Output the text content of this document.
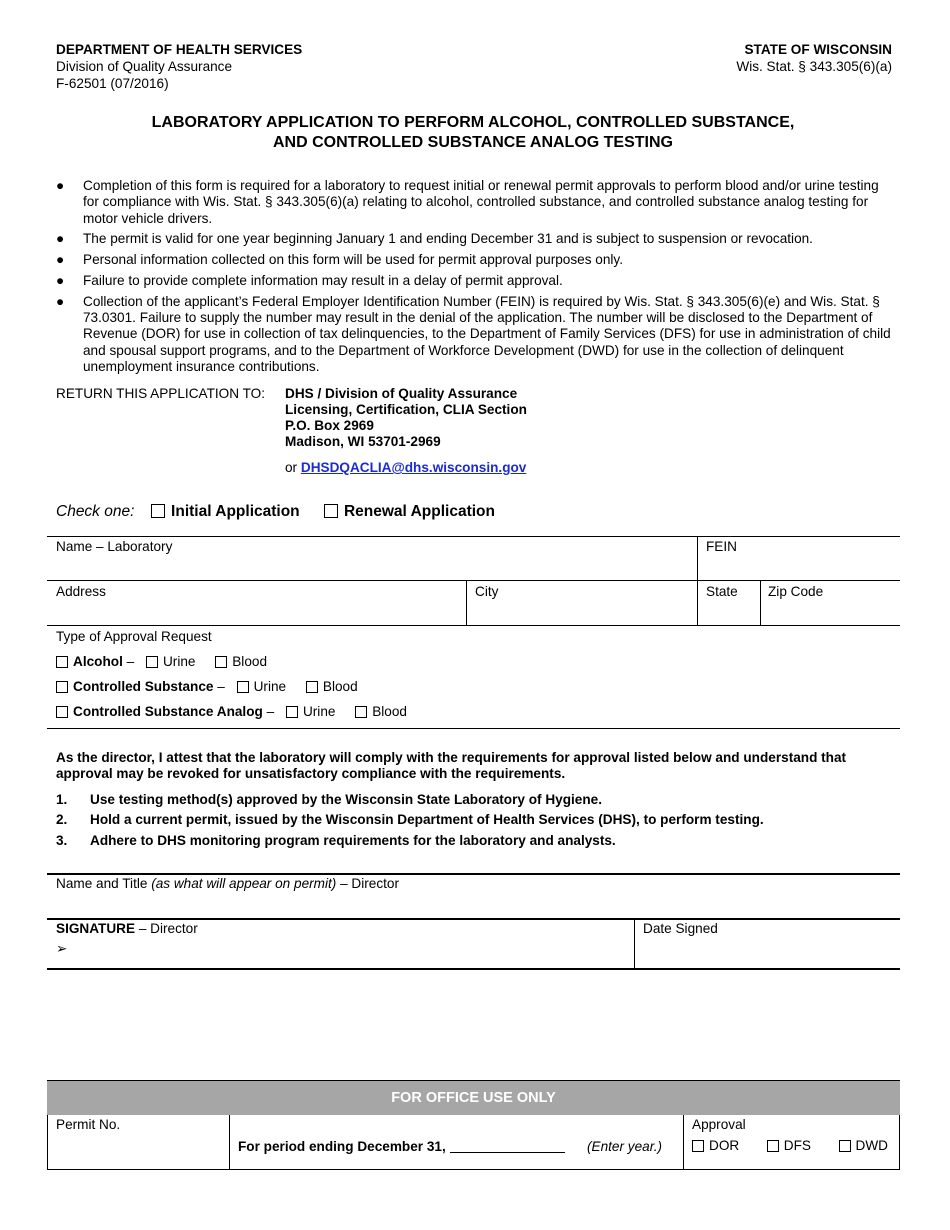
DEPARTMENT OF HEALTH SERVICES
Division of Quality Assurance
F-62501 (07/2016)
STATE OF WISCONSIN
Wis. Stat. § 343.305(6)(a)
LABORATORY APPLICATION TO PERFORM ALCOHOL, CONTROLLED SUBSTANCE,
AND CONTROLLED SUBSTANCE ANALOG TESTING
● Completion of this form is required for a laboratory to request initial or renewal permit approvals to perform blood and/or urine testing for compliance with Wis. Stat. § 343.305(6)(a) relating to alcohol, controlled substance, and controlled substance analog testing for motor vehicle drivers.
● The permit is valid for one year beginning January 1 and ending December 31 and is subject to suspension or revocation.
● Personal information collected on this form will be used for permit approval purposes only.
● Failure to provide complete information may result in a delay of permit approval.
● Collection of the applicant’s Federal Employer Identification Number (FEIN) is required by Wis. Stat. § 343.305(6)(e) and Wis. Stat. § 73.0301. Failure to supply the number may result in the denial of the application. The number will be disclosed to the Department of Revenue (DOR) for use in collection of tax delinquencies, to the Department of Family Services (DFS) for use in administration of child and spousal support programs, and to the Department of Workforce Development (DWD) for use in the collection of delinquent unemployment insurance contributions.
RETURN THIS APPLICATION TO: DHS / Division of Quality Assurance
Licensing, Certification, CLIA Section
P.O. Box 2969
Madison, WI 53701-2969
or DHSDQACLIA@dhs.wisconsin.gov
Check one: Initial Application	Renewal Application
Name – Laboratory	FEIN
Address	City	State Zip Code
Type of Approval Request
Alcohol – Urine	Blood
Controlled Substance – Urine	Blood
Controlled Substance Analog – Urine	Blood
As the director, I attest that the laboratory will comply with the requirements for approval listed below and understand that approval may be revoked for unsatisfactory compliance with the requirements.
1. Use testing method(s) approved by the Wisconsin State Laboratory of Hygiene.
2. Hold a current permit, issued by the Wisconsin Department of Health Services (DHS), to perform testing.
3. Adhere to DHS monitoring program requirements for the laboratory and analysts.
Name and Title (as what will appear on permit) – Director
SIGNATURE – Director
➢
Date Signed
FOR OFFICE USE ONLY
Permit No.
For period ending December 31,	(Enter year.)
Approval
DOR	DFS	DWD
